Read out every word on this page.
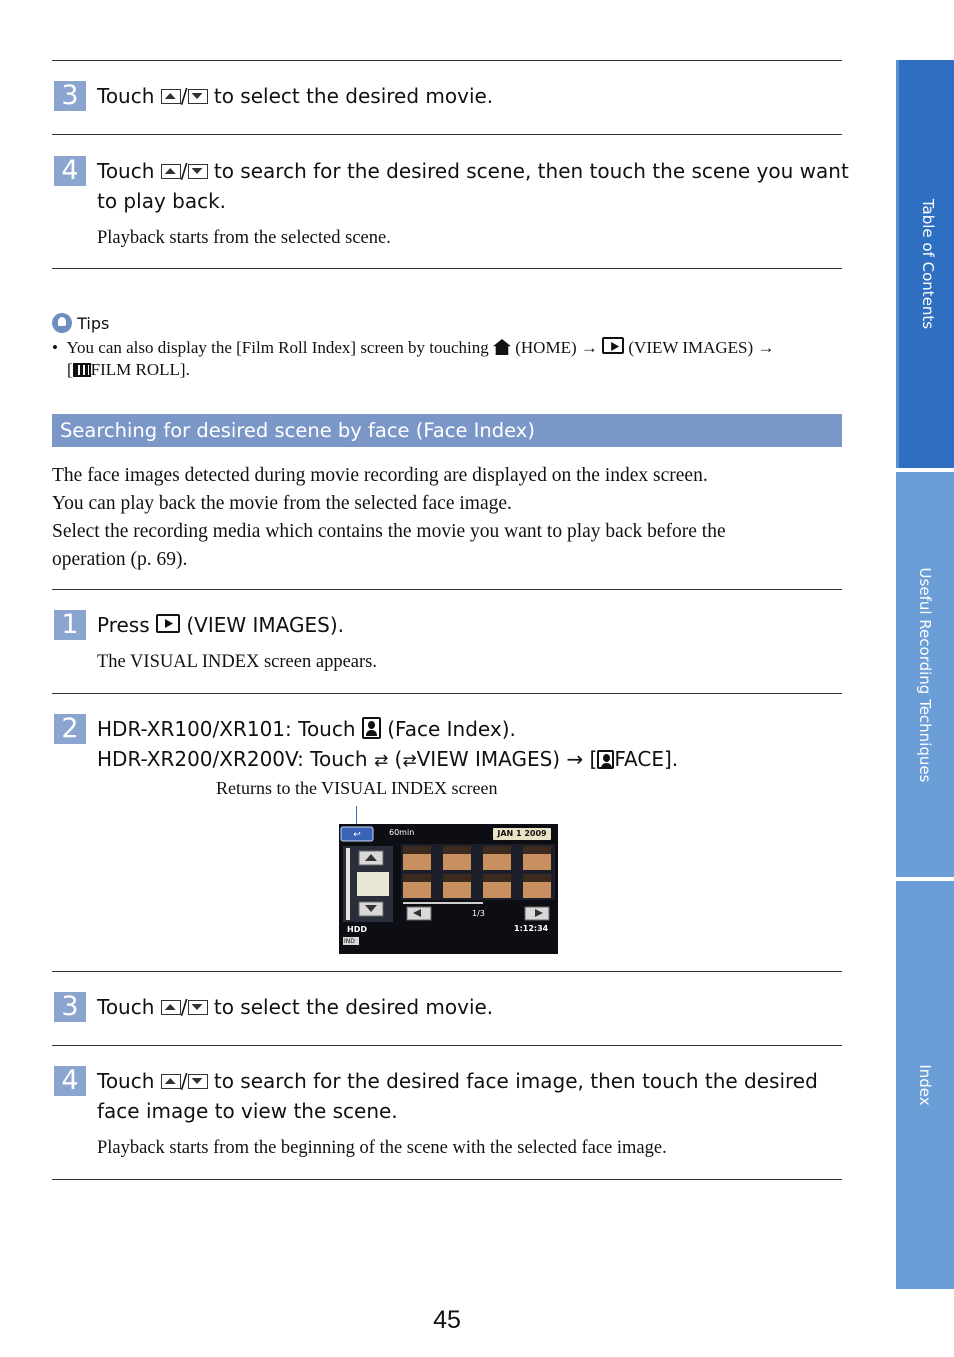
3 Touch / to select the desired movie.
4 Touch / to search for the desired scene, then touch the scene you want
to play back.
Playback starts from the selected scene.
Tips
• You can also display the [Film Roll Index] screen by touching  (HOME) → (VIEW IMAGES) →
[ FILM ROLL].
Searching for desired scene by face (Face Index)
The face images detected during movie recording are displayed on the index screen.
You can play back the movie from the selected face image.
Select the recording media which contains the movie you want to play back before the
operation (p. 69).
1 Press  (VIEW IMAGES).
The VISUAL INDEX screen appears.
2 HDR-XR100/XR101: Touch  (Face Index).
HDR-XR200/XR200V: Touch ⇄ (⇄VIEW IMAGES) → [ FACE].
Returns to the VISUAL INDEX screen
↩	60min	JAN 1 2009
1/3
HDD	1:12:34
IND
3 Touch / to select the desired movie.
4 Touch / to search for the desired face image, then touch the desired
face image to view the scene.
Playback starts from the beginning of the scene with the selected face image.
Table of Contents
Useful Recording Techniques
Index
45
